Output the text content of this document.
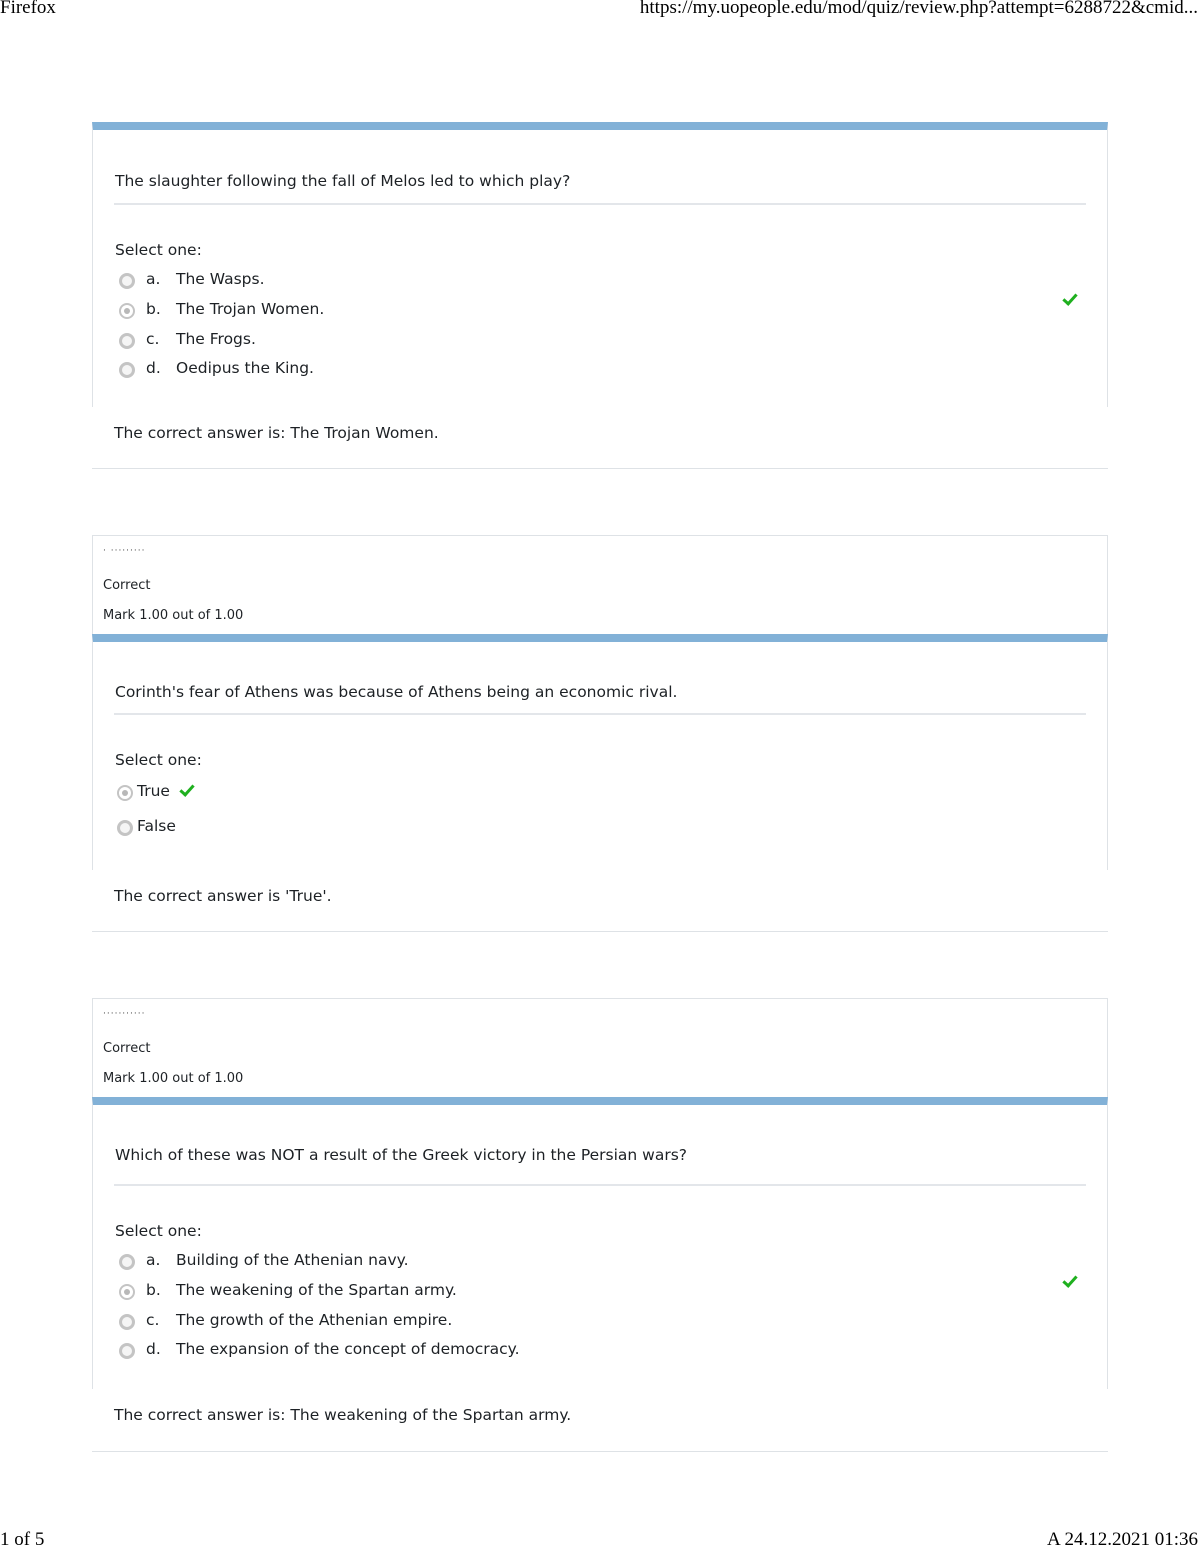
Firefox	https://my.uopeople.edu/mod/quiz/review.php?attempt=6288722&cmid...
The slaughter following the fall of Melos led to which play?
Select one:
a. The Wasps.
b. The Trojan Women.
c. The Frogs.
d. Oedipus the King.
The correct answer is: The Trojan Women.
· ·········
Correct
Mark 1.00 out of 1.00
Corinth's fear of Athens was because of Athens being an economic rival.
Select one:
True
False
The correct answer is 'True'.
···········
Correct
Mark 1.00 out of 1.00
Which of these was NOT a result of the Greek victory in the Persian wars?
Select one:
a. Building of the Athenian navy.
b. The weakening of the Spartan army.
c. The growth of the Athenian empire.
d. The expansion of the concept of democracy.
The correct answer is: The weakening of the Spartan army.
1 of 5	A 24.12.2021 01:36
